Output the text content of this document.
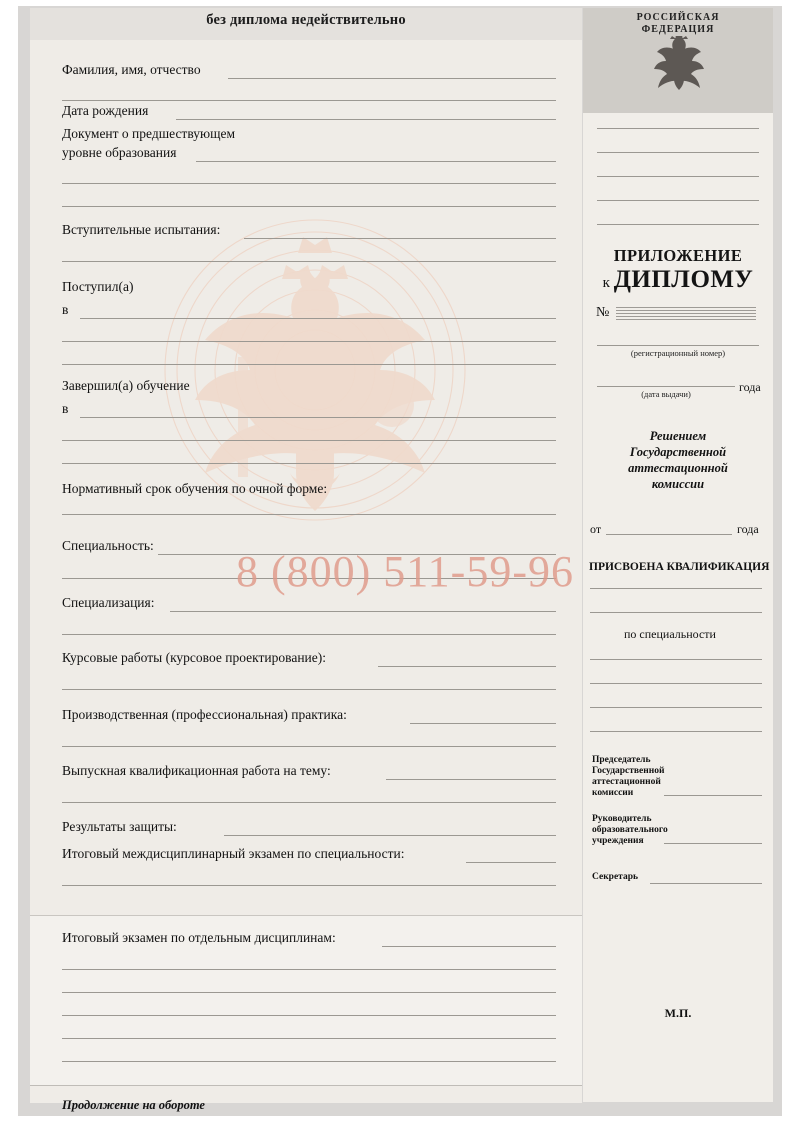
без диплома недействительно	РОССИЙСКАЯ
ФЕДЕРАЦИЯ
Фамилия, имя, отчество
Дата рождения
Документ о предшествующем
уровне образования
Вступительные испытания:
Поступил(а)
в
Завершил(а) обучение
в
Нормативный срок обучения по очной форме:
Специальность:
Специализация:
Курсовые работы (курсовое проектирование):
Производственная (профессиональная) практика:
Выпускная квалификационная работа на тему:
Результаты защиты:
Итоговый междисциплинарный экзамен по специальности:
Итоговый экзамен по отдельным дисциплинам:
Продолжение на обороте
ПРИЛОЖЕНИЕ
к ДИПЛОМУ
№
(регистрационный номер)
(дата выдачи)	года
Решением
Государственной
аттестационной
комиссии
от	года
ПРИСВОЕНА КВАЛИФИКАЦИЯ
по специальности
Председатель
Государственной
аттестационной
комиссии
Руководитель
образовательного
учреждения
Секретарь
М.П.
8 (800) 511-59-96
